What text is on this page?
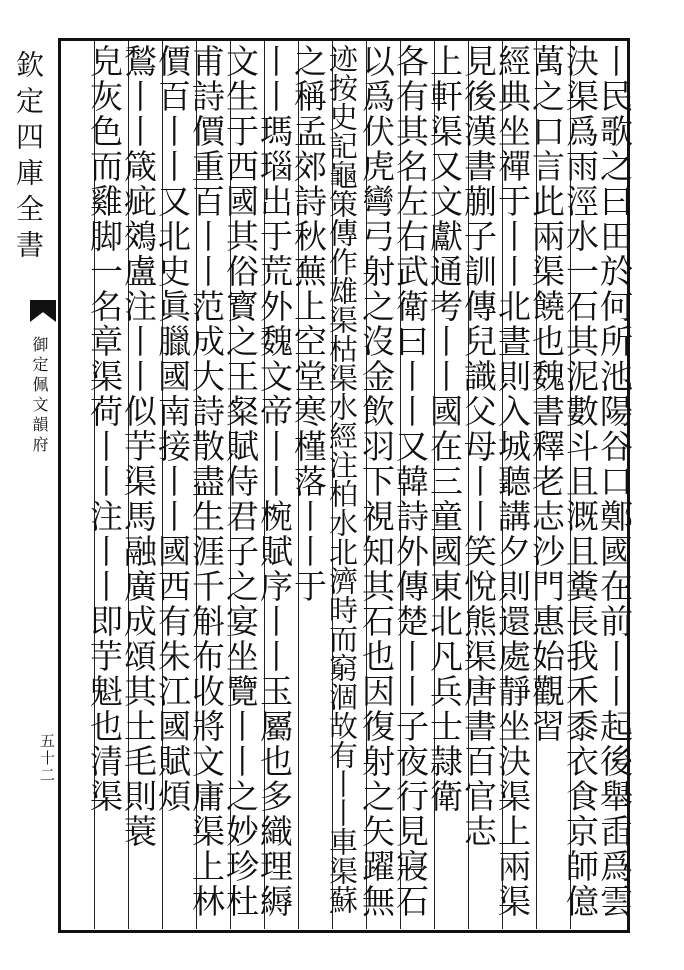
欽定四庫全書
御定佩文韻府
五十二	丨民歌之曰田於何所池陽谷口鄭國在前丨丨起後舉臿爲雲
決渠爲雨涇水一石其泥數斗且溉且糞長我禾黍衣食京師億
萬之口言此兩渠饒也魏書釋老志沙門惠始觀習
經典坐禪于丨丨北晝則入城聽講夕則還處靜坐決渠上兩渠
見後漢書蒯子訓傳兒識父母丨丨笑悅熊渠唐書百官志
上軒渠又文獻通考丨丨國在三童國東北凡兵士隷衛
各有其名左右武衛曰丨丨又韓詩外傳楚丨丨子夜行見寢石
以爲伏虎彎弓射之沒金飲羽下視知其石也因復射之矢躍無
迹按史記龜策傳作雄渠枯渠水經注柏水北濟時而窮涸故有丨丨車渠蘇
之稱孟郊詩秋蕪上空堂寒槿落丨丨于
丨丨瑪瑙出于荒外魏文帝丨丨椀賦序丨丨玉屬也多織理縟
文生于西國其俗寳之王粲賦侍君子之宴坐覽丨丨之妙珍杜
甫詩價重百丨丨范成大詩散盡生涯千斛布收將文庸渠上林
價百丨丨又北史眞臘國南接丨丨國西有朱江國賦煩
鶖丨丨箴疵鵁盧注丨丨似芋渠馬融廣成頌其土毛則蓑
皃灰色而雞脚一名章渠荷丨丨注丨丨即芋魁也清渠
